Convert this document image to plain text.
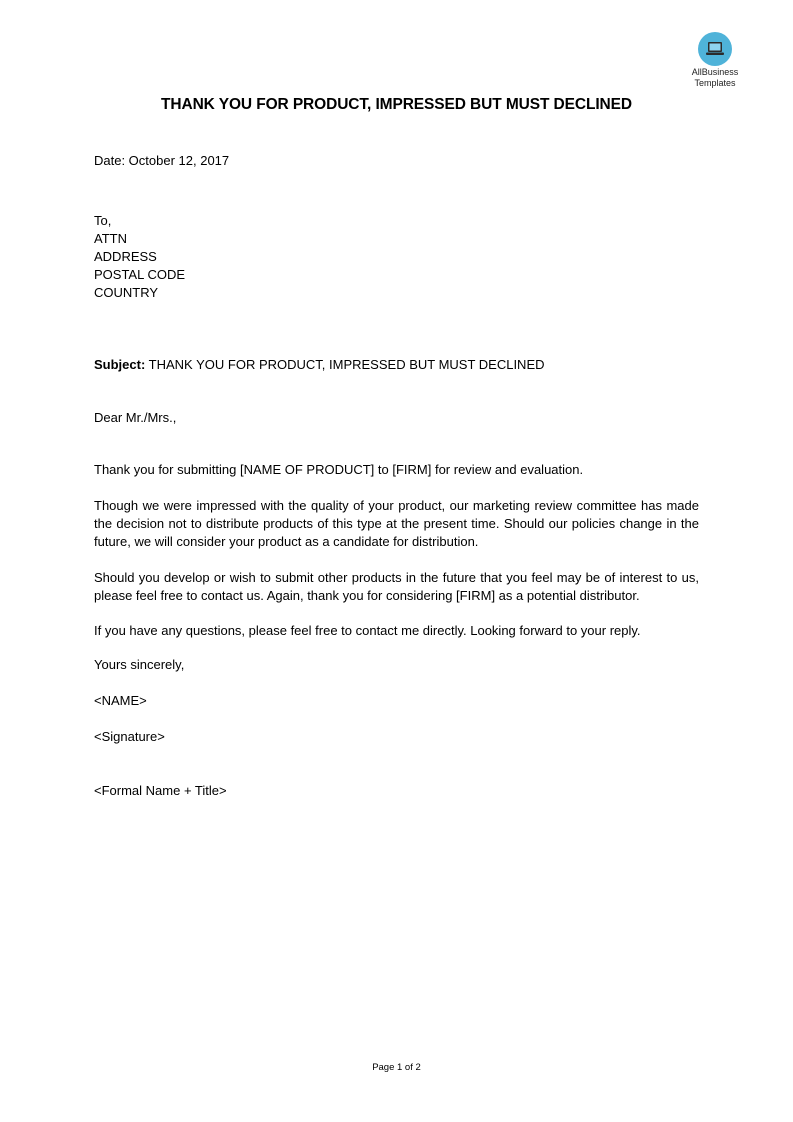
AllBusiness
Templates
THANK YOU FOR PRODUCT, IMPRESSED BUT MUST DECLINED
Date: October 12, 2017
To,
ATTN
ADDRESS
POSTAL CODE
COUNTRY
Subject: THANK YOU FOR PRODUCT, IMPRESSED BUT MUST DECLINED
Dear Mr./Mrs.,
Thank you for submitting [NAME OF PRODUCT] to [FIRM] for review and evaluation.
Though we were impressed with the quality of your product, our marketing review committee has made the decision not to distribute products of this type at the present time. Should our policies change in the future, we will consider your product as a candidate for distribution.
Should you develop or wish to submit other products in the future that you feel may be of interest to us, please feel free to contact us. Again, thank you for considering [FIRM] as a potential distributor.
If you have any questions, please feel free to contact me directly. Looking forward to your reply.
Yours sincerely,
<NAME>
<Signature>
<Formal Name + Title>
Page 1 of 2
